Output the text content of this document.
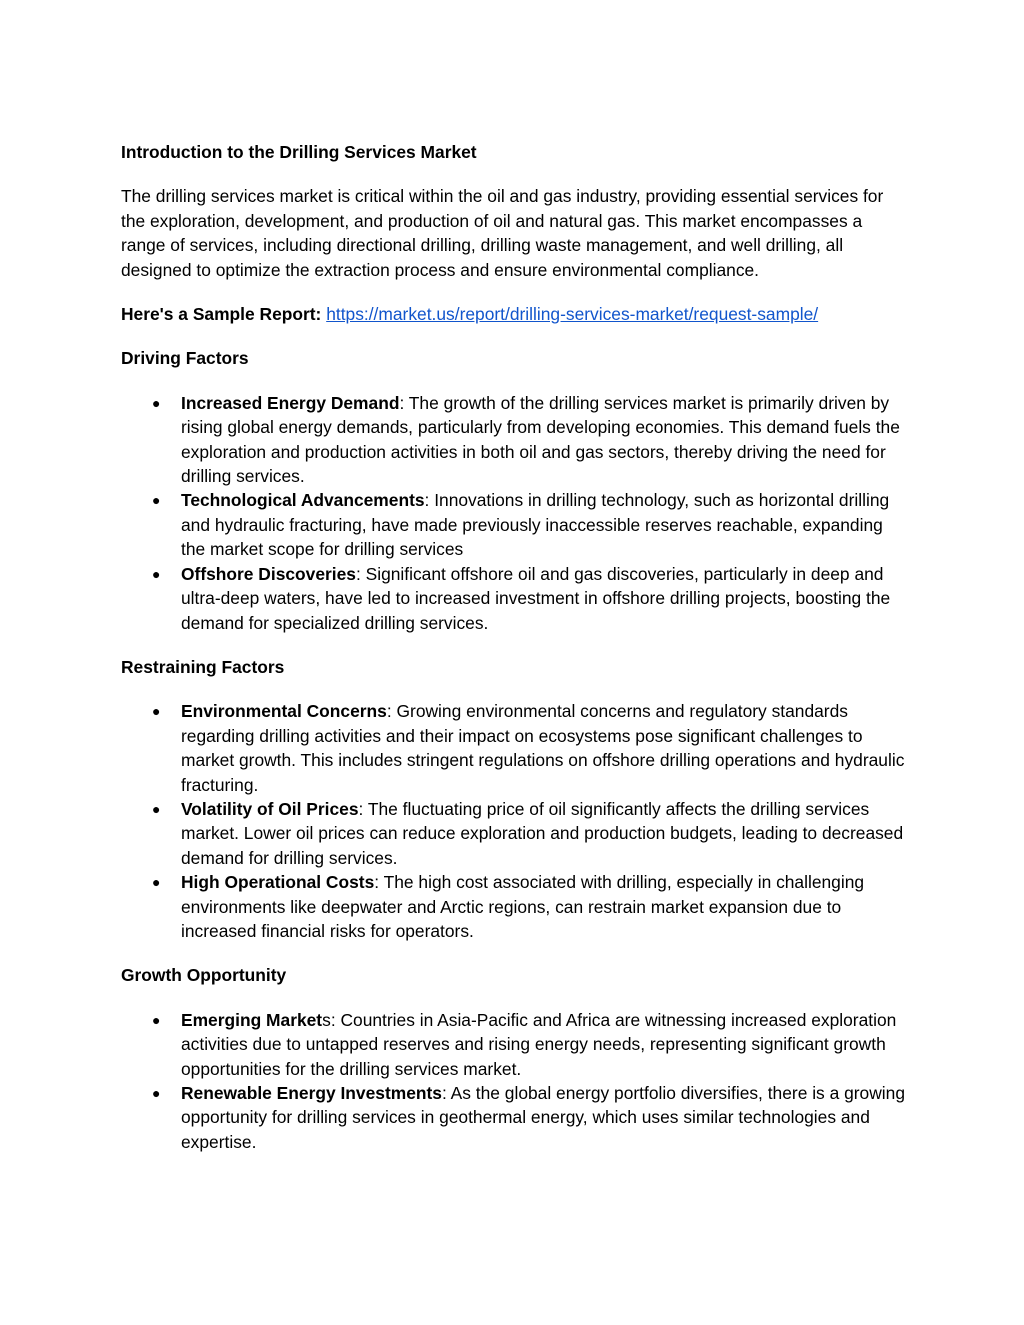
Introduction to the Drilling Services Market

The drilling services market is critical within the oil and gas industry, providing essential services for the exploration, development, and production of oil and natural gas. This market encompasses a range of services, including directional drilling, drilling waste management, and well drilling, all designed to optimize the extraction process and ensure environmental compliance.

Here's a Sample Report: https://market.us/report/drilling-services-market/request-sample/

Driving Factors

● Increased Energy Demand: The growth of the drilling services market is primarily driven by rising global energy demands, particularly from developing economies. This demand fuels the exploration and production activities in both oil and gas sectors, thereby driving the need for drilling services.
● Technological Advancements: Innovations in drilling technology, such as horizontal drilling and hydraulic fracturing, have made previously inaccessible reserves reachable, expanding the market scope for drilling services
● Offshore Discoveries: Significant offshore oil and gas discoveries, particularly in deep and ultra-deep waters, have led to increased investment in offshore drilling projects, boosting the demand for specialized drilling services.

Restraining Factors

● Environmental Concerns: Growing environmental concerns and regulatory standards regarding drilling activities and their impact on ecosystems pose significant challenges to market growth. This includes stringent regulations on offshore drilling operations and hydraulic fracturing.
● Volatility of Oil Prices: The fluctuating price of oil significantly affects the drilling services market. Lower oil prices can reduce exploration and production budgets, leading to decreased demand for drilling services.
● High Operational Costs: The high cost associated with drilling, especially in challenging environments like deepwater and Arctic regions, can restrain market expansion due to increased financial risks for operators.

Growth Opportunity

● Emerging Markets: Countries in Asia-Pacific and Africa are witnessing increased exploration activities due to untapped reserves and rising energy needs, representing significant growth opportunities for the drilling services market.
● Renewable Energy Investments: As the global energy portfolio diversifies, there is a growing opportunity for drilling services in geothermal energy, which uses similar technologies and expertise.
